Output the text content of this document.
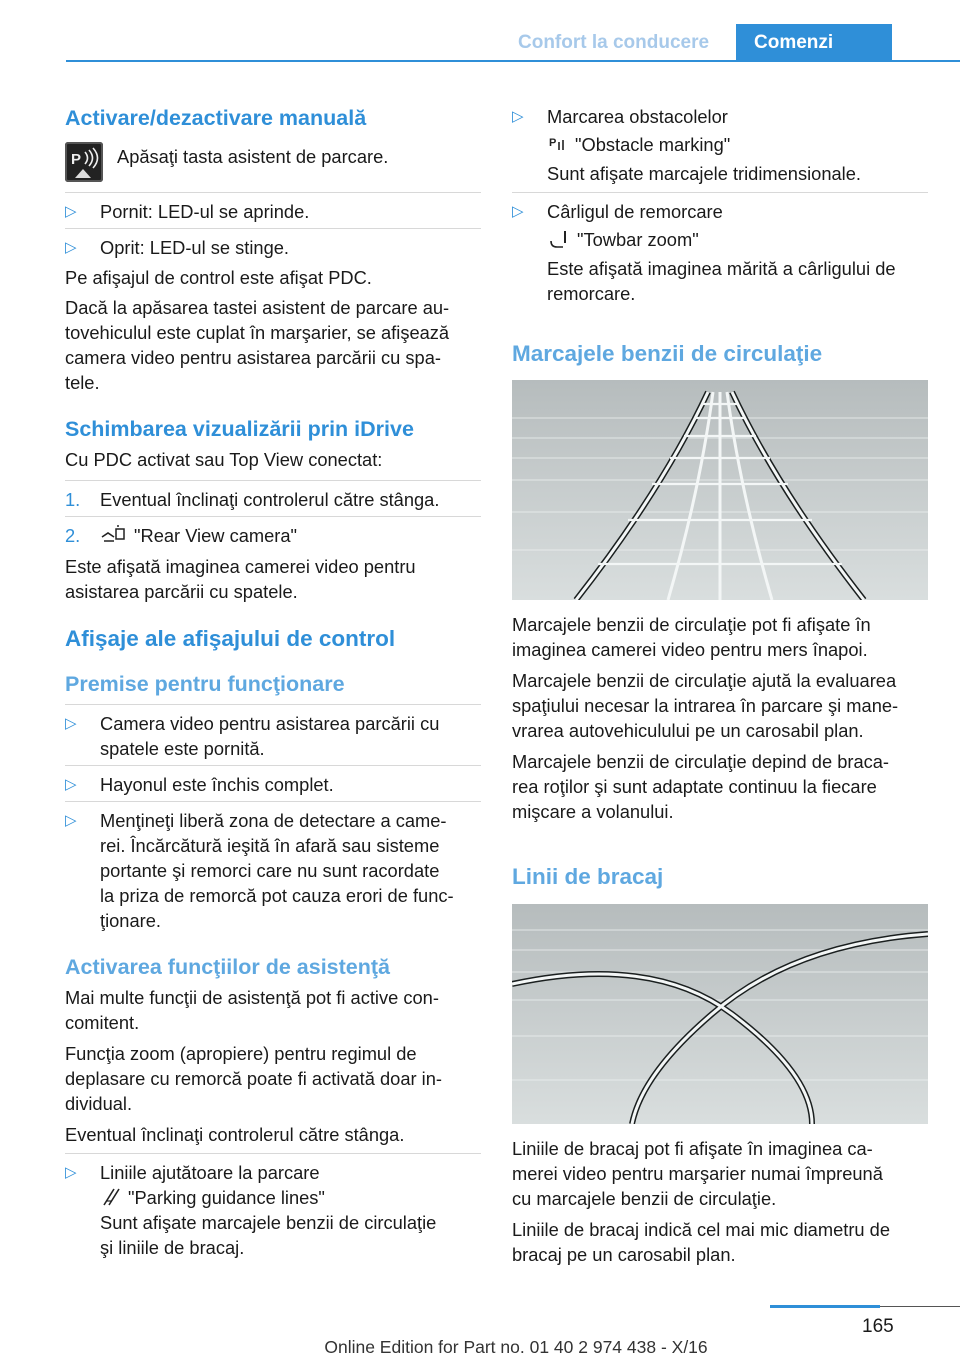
Confort la conducere	Comenzi

Activare/dezactivare manuală

P Apăsaţi tasta asistent de parcare.
▷ Pornit: LED-ul se aprinde.
▷ Oprit: LED-ul se stinge.

Pe afişajul de control este afişat PDC.

Dacă la apăsarea tastei asistent de parcare au-
tovehiculul este cuplat în marşarier, se afişează
camera video pentru asistarea parcării cu spa-
tele.

Schimbarea vizualizării prin iDrive

Cu PDC activat sau Top View conectat:

1. Eventual înclinaţi controlerul către stânga.
2.	"Rear View camera"

Este afişată imaginea camerei video pentru
asistarea parcării cu spatele.

Afişaje ale afişajului de control

Premise pentru funcţionare

▷ Camera video pentru asistarea parcării cu
spatele este pornită.
▷ Hayonul este închis complet.
▷ Menţineţi liberă zona de detectare a came-
rei. Încărcătură ieşită în afară sau sisteme
portante şi remorci care nu sunt racordate
la priza de remorcă pot cauza erori de func-
ţionare.

Activarea funcţiilor de asistenţă

Mai multe funcţii de asistenţă pot fi active con-
comitent.

Funcţia zoom (apropiere) pentru regimul de
deplasare cu remorcă poate fi activată doar in-
dividual.

Eventual înclinaţi controlerul către stânga.

▷ Liniile ajutătoare la parcare
"Parking guidance lines"
Sunt afişate marcajele benzii de circulaţie
şi liniile de bracaj.
▷ Marcarea obstacolelor

P "Obstacle marking"
Sunt afişate marcajele tridimensionale.
▷ Cârligul de remorcare
"Towbar zoom"
Este afişată imaginea mărită a cârligului de
remorcare.

Marcajele benzii de circulaţie

Marcajele benzii de circulaţie pot fi afişate în
imaginea camerei video pentru mers înapoi.

Marcajele benzii de circulaţie ajută la evaluarea
spaţiului necesar la intrarea în parcare şi mane-
vrarea autovehiculului pe un carosabil plan.

Marcajele benzii de circulaţie depind de braca-
rea roţilor şi sunt adaptate continuu la fiecare
mişcare a volanului.

Linii de bracaj

Liniile de bracaj pot fi afişate în imaginea ca-
merei video pentru marşarier numai împreună
cu marcajele benzii de circulaţie.

Liniile de bracaj indică cel mai mic diametru de
bracaj pe un carosabil plan.

165
Online Edition for Part no. 01 40 2 974 438 - X/16
